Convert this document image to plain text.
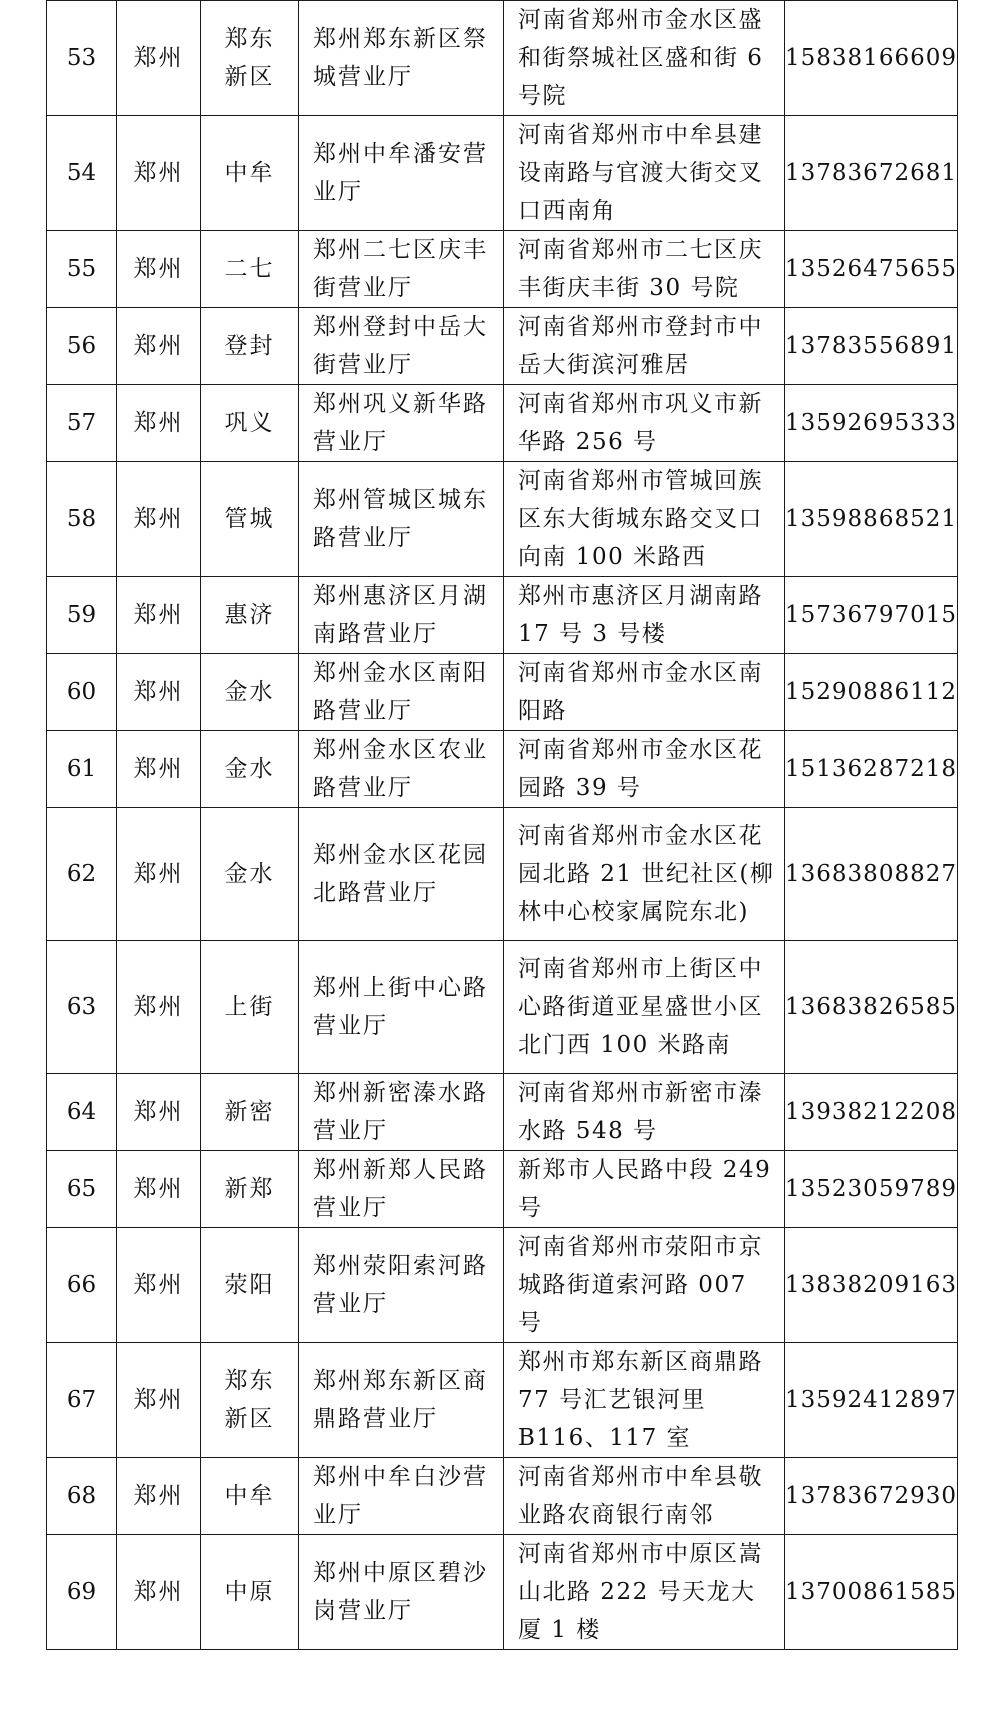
53	郑州	郑东新区	郑州郑东新区祭城营业厅	河南省郑州市金水区盛和街祭城社区盛和街 6 号院	15838166609
54	郑州	中牟	郑州中牟潘安营业厅	河南省郑州市中牟县建设南路与官渡大街交叉口西南角	13783672681
55	郑州	二七	郑州二七区庆丰街营业厅	河南省郑州市二七区庆丰街庆丰街 30 号院	13526475655
56	郑州	登封	郑州登封中岳大街营业厅	河南省郑州市登封市中岳大街滨河雅居	13783556891
57	郑州	巩义	郑州巩义新华路营业厅	河南省郑州市巩义市新华路 256 号	13592695333
58	郑州	管城	郑州管城区城东路营业厅	河南省郑州市管城回族区东大街城东路交叉口向南 100 米路西	13598868521
59	郑州	惠济	郑州惠济区月湖南路营业厅	郑州市惠济区月湖南路 17 号 3 号楼	15736797015
60	郑州	金水	郑州金水区南阳路营业厅	河南省郑州市金水区南阳路	15290886112
61	郑州	金水	郑州金水区农业路营业厅	河南省郑州市金水区花园路 39 号	15136287218
62	郑州	金水	郑州金水区花园北路营业厅	河南省郑州市金水区花园北路 21 世纪社区(柳林中心校家属院东北)	13683808827
63	郑州	上街	郑州上街中心路营业厅	河南省郑州市上街区中心路街道亚星盛世小区北门西 100 米路南	13683826585
64	郑州	新密	郑州新密溱水路营业厅	河南省郑州市新密市溱水路 548 号	13938212208
65	郑州	新郑	郑州新郑人民路营业厅	新郑市人民路中段 249 号	13523059789
66	郑州	荥阳	郑州荥阳索河路营业厅	河南省郑州市荥阳市京城路街道索河路 007 号	13838209163
67	郑州	郑东新区	郑州郑东新区商鼎路营业厅	郑州市郑东新区商鼎路 77 号汇艺银河里 B116、117 室	13592412897
68	郑州	中牟	郑州中牟白沙营业厅	河南省郑州市中牟县敬业路农商银行南邻	13783672930
69	郑州	中原	郑州中原区碧沙岗营业厅	河南省郑州市中原区嵩山北路 222 号天龙大厦 1 楼	13700861585
